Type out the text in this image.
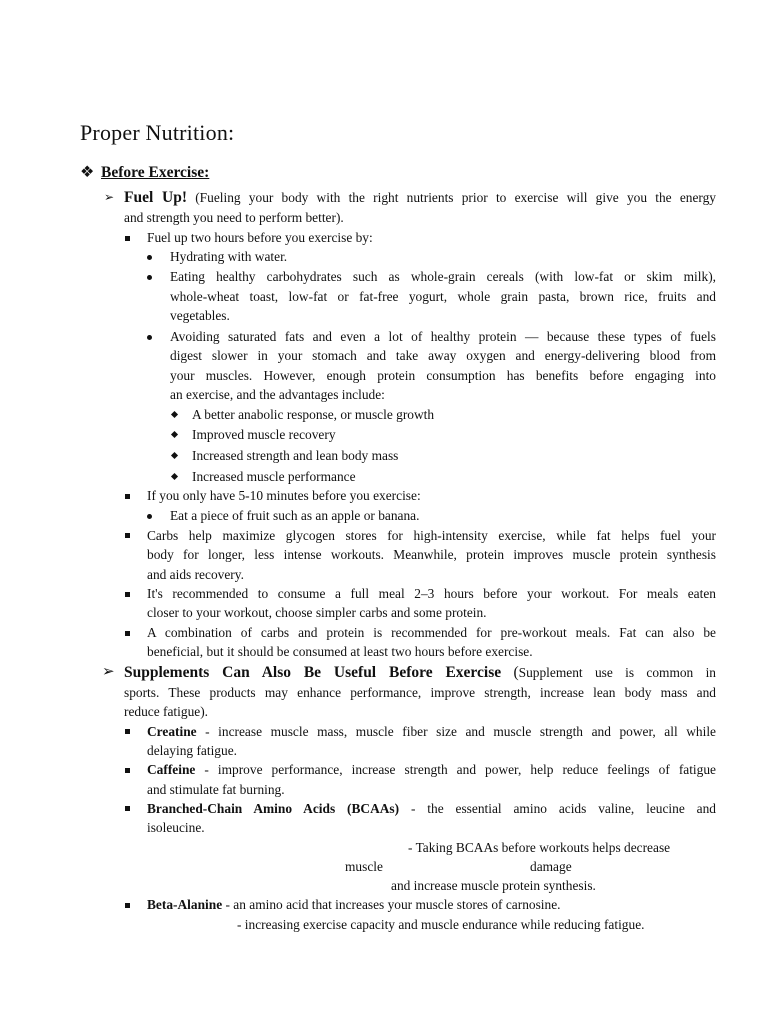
Proper Nutrition:
❖ Before Exercise:
➢ Fuel Up! (Fueling your body with the right nutrients prior to exercise will give you the energy
and strength you need to perform better).
Fuel up two hours before you exercise by:
Hydrating with water.
Eating healthy carbohydrates such as whole-grain cereals (with low-fat or skim milk),
whole-wheat toast, low-fat or fat-free yogurt, whole grain pasta, brown rice, fruits and
vegetables.
Avoiding saturated fats and even a lot of healthy protein — because these types of fuels
digest slower in your stomach and take away oxygen and energy-delivering blood from
your muscles. However, enough protein consumption has benefits before engaging into
an exercise, and the advantages include:
A better anabolic response, or muscle growth
Improved muscle recovery
Increased strength and lean body mass
Increased muscle performance
If you only have 5-10 minutes before you exercise:
Eat a piece of fruit such as an apple or banana.
Carbs help maximize glycogen stores for high-intensity exercise, while fat helps fuel your
body for longer, less intense workouts. Meanwhile, protein improves muscle protein synthesis
and aids recovery.
It's recommended to consume a full meal 2–3 hours before your workout. For meals eaten
closer to your workout, choose simpler carbs and some protein.
A combination of carbs and protein is recommended for pre-workout meals. Fat can also be
beneficial, but it should be consumed at least two hours before exercise.
➢ Supplements Can Also Be Useful Before Exercise (Supplement use is common in
sports. These products may enhance performance, improve strength, increase lean body mass and
reduce fatigue).
Creatine - increase muscle mass, muscle fiber size and muscle strength and power, all while
delaying fatigue.
Caffeine - improve performance, increase strength and power, help reduce feelings of fatigue
and stimulate fat burning.
Branched-Chain Amino Acids (BCAAs) - the essential amino acids valine, leucine and
isoleucine.
- Taking BCAAs before workouts helps decrease
muscle	damage
and increase muscle protein synthesis.
Beta-Alanine - an amino acid that increases your muscle stores of carnosine.
- increasing exercise capacity and muscle endurance while reducing fatigue.
